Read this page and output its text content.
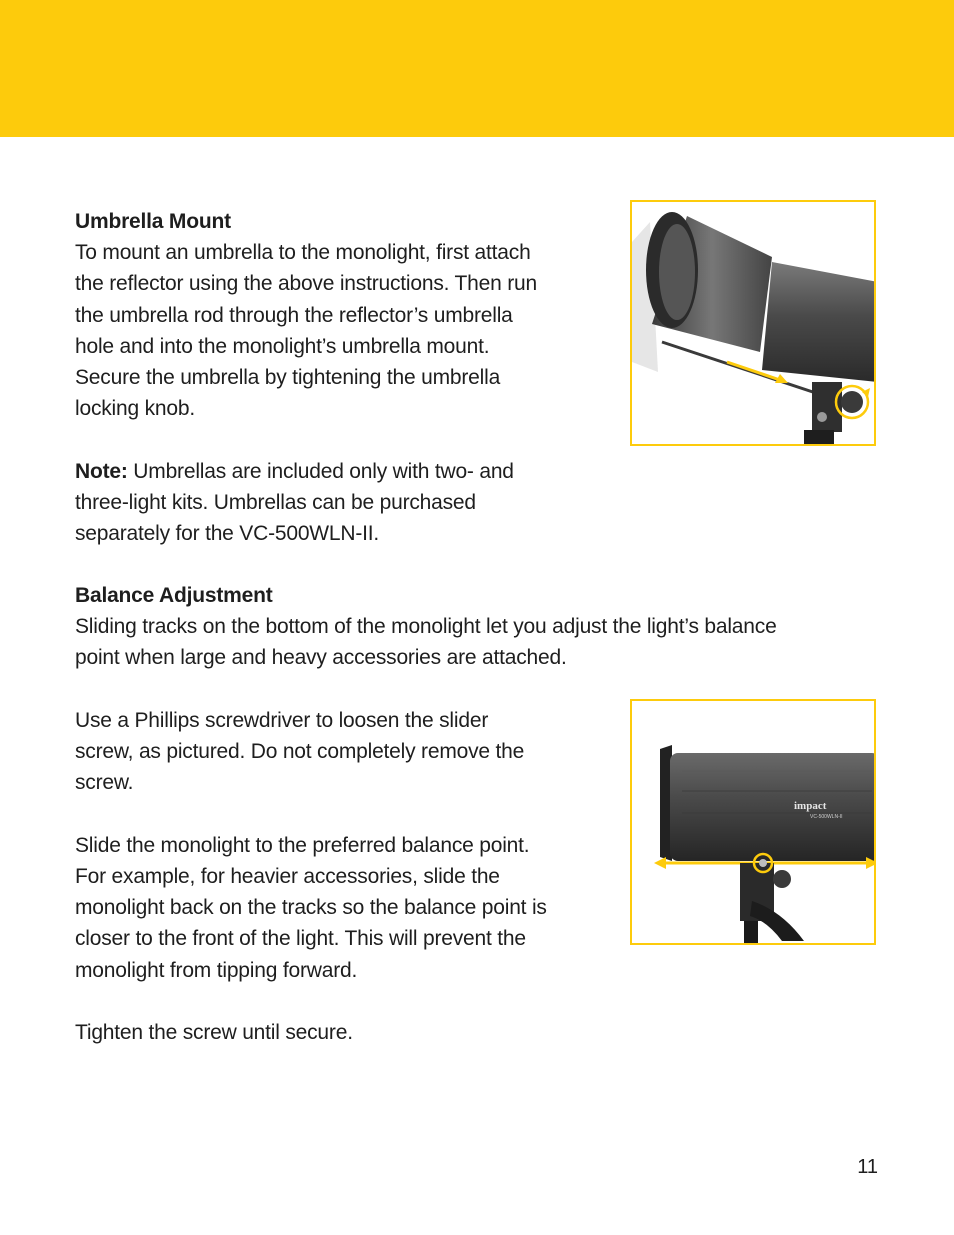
Umbrella Mount

To mount an umbrella to the monolight, first attach

the reflector using the above instructions. Then run

the umbrella rod through the reflector’s umbrella

hole and into the monolight’s umbrella mount.

Secure the umbrella by tightening the umbrella

locking knob.

Note: Umbrellas are included only with two- and

three-light kits. Umbrellas can be purchased

separately for the VC-500WLN-II.

Balance Adjustment

Sliding tracks on the bottom of the monolight let you adjust the light’s balance

point when large and heavy accessories are attached.

Use a Phillips screwdriver to loosen the slider

screw, as pictured. Do not completely remove the

screw.

Slide the monolight to the preferred balance point.

For example, for heavier accessories, slide the

monolight back on the tracks so the balance point is

closer to the front of the light. This will prevent the

monolight from tipping forward.

Tighten the screw until secure.

impact
VC-500WLN-II
11
